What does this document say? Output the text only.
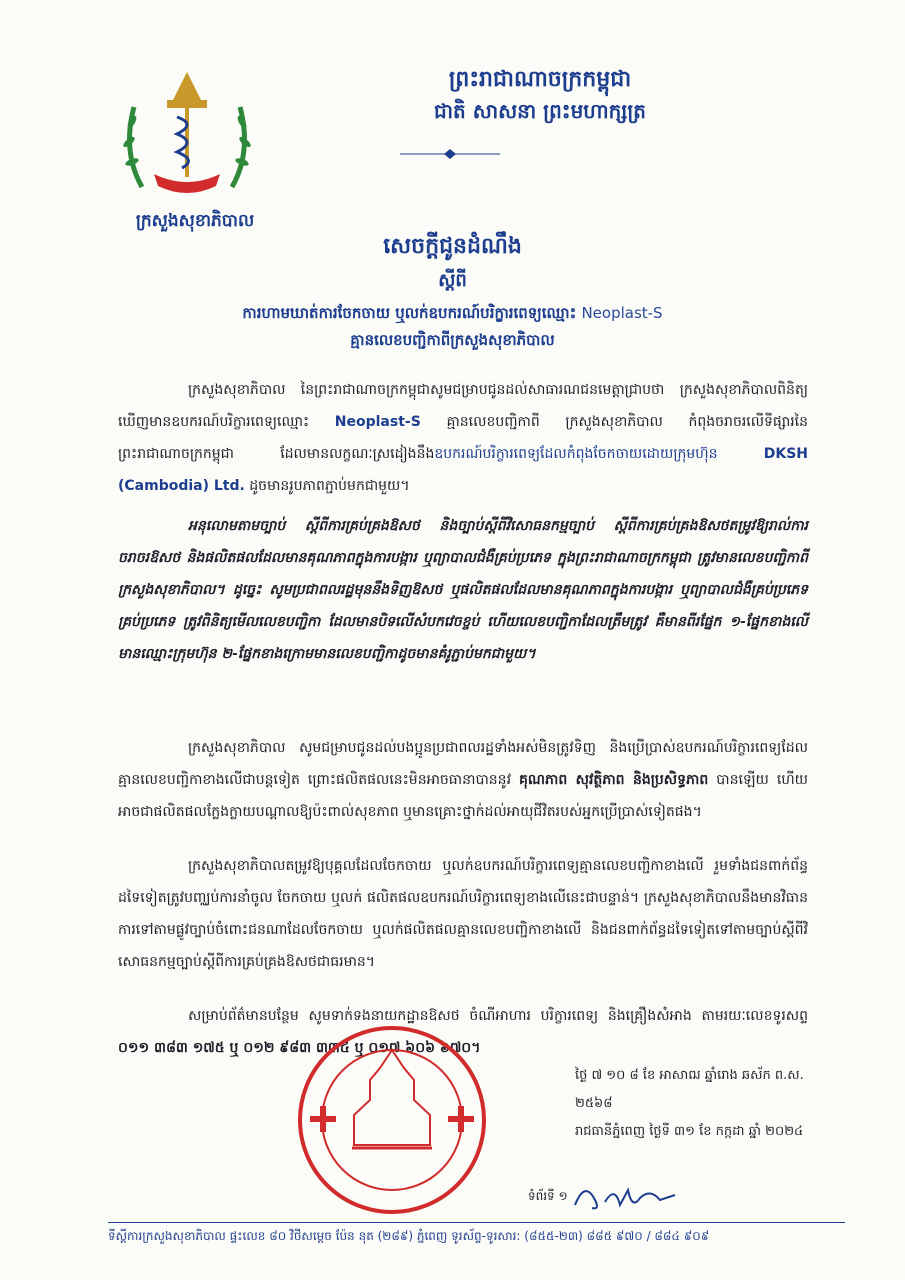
ក្រសួងសុខាភិបាល
ព្រះរាជាណាចក្រកម្ពុជា
ជាតិ សាសនា ព្រះមហាក្សត្រ
សេចក្តីជូនដំណឹង
ស្តីពី
ការហាមឃាត់ការចែកចាយ ឬលក់ឧបករណ៍បរិក្ខារពេទ្យឈ្មោះ Neoplast-S
គ្មានលេខបញ្ជិកាពីក្រសួងសុខាភិបាល
ក្រសួងសុខាភិបាល នៃព្រះរាជាណាចក្រកម្ពុជាសូមជម្រាបជូនដល់សាធារណជនមេត្តាជ្រាបថា ក្រសួងសុខាភិបាលពិនិត្យឃើញមានឧបករណ៍បរិក្ខារពេទ្យឈ្មោះ Neoplast-S គ្មានលេខបញ្ជិកាពី ក្រសួងសុខាភិបាល កំពុងចរាចរលើទីផ្សារនៃព្រះរាជាណាចក្រកម្ពុជា ដែលមានលក្ខណៈស្រដៀងនឹងឧបករណ៍បរិក្ខារពេទ្យដែលកំពុងចែកចាយដោយក្រុមហ៊ុន	DKSH (Cambodia) Ltd. ដូចមានរូបភាពភ្ជាប់មកជាមួយ។
អនុលោមតាមច្បាប់ ស្តីពីការគ្រប់គ្រងឱសថ និងច្បាប់ស្តីពីវិសោធនកម្មច្បាប់ ស្តីពីការគ្រប់គ្រងឱសថតម្រូវឱ្យរាល់ការចរាចរឱសថ និងផលិតផលដែលមានគុណភាពក្នុងការបង្ការ ឬព្យាបាលជំងឺគ្រប់ប្រភេទ ក្នុងព្រះរាជាណាចក្រកម្ពុជា ត្រូវមានលេខបញ្ជិកាពីក្រសួងសុខាភិបាល។ ដូច្នេះ សូមប្រជាពលរដ្ឋមុននឹងទិញឱសថ ឬផលិតផលដែលមានគុណភាពក្នុងការបង្ការ ឬព្យាបាលជំងឺគ្រប់ប្រភេទ គ្រប់ប្រភេទ ត្រូវពិនិត្យមើលលេខបញ្ជិកា ដែលមានបិទលើសំបកវេចខ្ចប់ ហើយលេខបញ្ជិកាដែលត្រឹមត្រូវ គឺមានពីរផ្នែក ១-ផ្នែកខាងលើមានឈ្មោះក្រុមហ៊ុន ២-ផ្នែកខាងក្រោមមានលេខបញ្ជិកាដូចមានគំរូភ្ជាប់មកជាមួយ។
ក្រសួងសុខាភិបាល សូមជម្រាបជូនដល់បងប្អូនប្រជាពលរដ្ឋទាំងអស់មិនត្រូវទិញ និងប្រើប្រាស់ឧបករណ៍បរិក្ខារពេទ្យដែលគ្មានលេខបញ្ជិកាខាងលើជាបន្តទៀត ព្រោះផលិតផលនេះមិនអាចធានាបាននូវ គុណភាព សុវត្ថិភាព និងប្រសិទ្ធភាព បានឡើយ ហើយអាចជាផលិតផលក្លែងក្លាយបណ្តាលឱ្យប៉ះពាល់សុខភាព ឬមានគ្រោះថ្នាក់ដល់អាយុជីវិតរបស់អ្នកប្រើប្រាស់ទៀតផង។
ក្រសួងសុខាភិបាលតម្រូវឱ្យបុគ្គលដែលចែកចាយ ឬលក់ឧបករណ៍បរិក្ខារពេទ្យគ្មានលេខបញ្ជិកាខាងលើ រួមទាំងជនពាក់ព័ន្ធដទៃទៀតត្រូវបញ្ឈប់ការនាំចូល ចែកចាយ ឬលក់ ផលិតផលឧបករណ៍បរិក្ខារពេទ្យខាងលើនេះជាបន្ទាន់។ ក្រសួងសុខាភិបាលនឹងមានវិធានការទៅតាមផ្លូវច្បាប់ចំពោះជនណាដែលចែកចាយ ឬលក់ផលិតផលគ្មានលេខបញ្ជិកាខាងលើ និងជនពាក់ព័ន្ធដទៃទៀតទៅតាមច្បាប់ស្តីពីវិសោធនកម្មច្បាប់ស្តីពីការគ្រប់គ្រងឱសថជាធរមាន។
សម្រាប់ព័ត៌មានបន្ថែម សូមទាក់ទងនាយកដ្ឋានឱសថ ចំណីអាហារ បរិក្ខារពេទ្យ និងគ្រឿងសំអាង តាមរយៈលេខទូរសព្ទ ០១១ ៣៨៣ ១៧៥ ឬ ០១២ ៩៨៣ ៣៣៤ ឬ ០១៧ ៦០៦ ៦៧០។
ថ្ងៃ ៧ ១០ ៨ ខែ អាសាឍ ឆ្នាំរោង ឆស័ក ព.ស. ២៥៦៨
រាជធានីភ្នំពេញ ថ្ងៃទី ៣១ ខែ កក្កដា ឆ្នាំ ២០២៤
ទំព័រទី ១
ទីស្តីការក្រសួងសុខាភិបាល ផ្ទះលេខ ៨០ វិថីសម្តេច ប៉ែន នុត (២៨៩) ភ្នំពេញ ទូរស័ព្ទ-ទូរសារ: (៨៥៥-២៣) ៨៨៥ ៩៧០ / ៨៨៤ ៩០៩
